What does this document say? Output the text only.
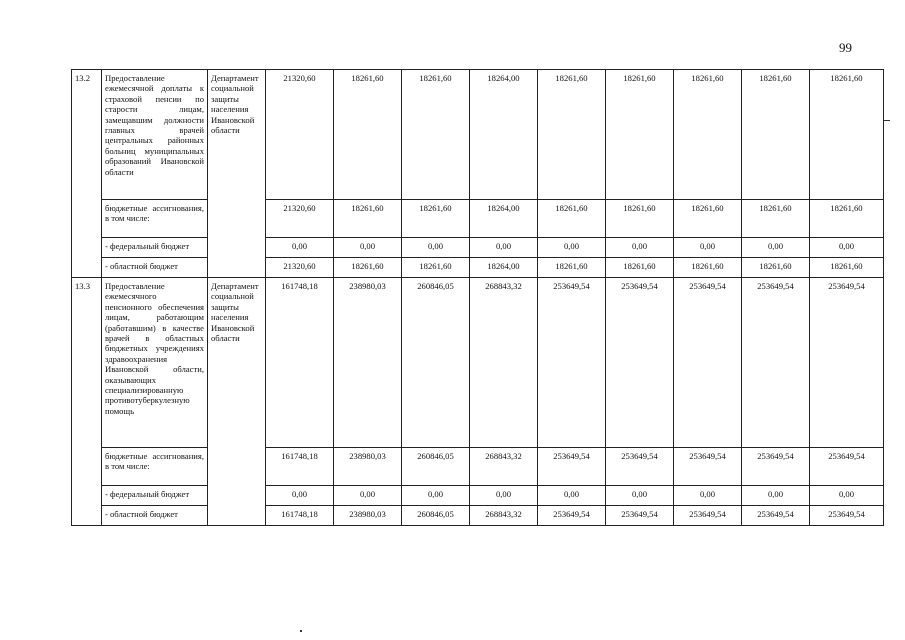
99
13.2	Предоставление ежемесячной доплаты к страховой пенсии по старости лицам, замещавшим должности главных врачей центральных районных больниц муниципальных образований Ивановской области	Департамент социальной защиты населения Ивановской области	21320,60	18261,60	18261,60	18264,00	18261,60	18261,60	18261,60	18261,60	18261,60
	бюджетные ассигнования, в том числе:		21320,60	18261,60	18261,60	18264,00	18261,60	18261,60	18261,60	18261,60	18261,60
	- федеральный бюджет		0,00	0,00	0,00	0,00	0,00	0,00	0,00	0,00	0,00
	- областной бюджет		21320,60	18261,60	18261,60	18264,00	18261,60	18261,60	18261,60	18261,60	18261,60
13.3	Предоставление ежемесячного пенсионного обеспечения лицам, работающим (работавшим) в качестве врачей в областных бюджетных учреждениях здравоохранения Ивановской области, оказывающих специализированную противотуберкулезную помощь	Департамент социальной защиты населения Ивановской области	161748,18	238980,03	260846,05	268843,32	253649,54	253649,54	253649,54	253649,54	253649,54
	бюджетные ассигнования, в том числе:		161748,18	238980,03	260846,05	268843,32	253649,54	253649,54	253649,54	253649,54	253649,54
	- федеральный бюджет		0,00	0,00	0,00	0,00	0,00	0,00	0,00	0,00	0,00
	- областной бюджет		161748,18	238980,03	260846,05	268843,32	253649,54	253649,54	253649,54	253649,54	253649,54
